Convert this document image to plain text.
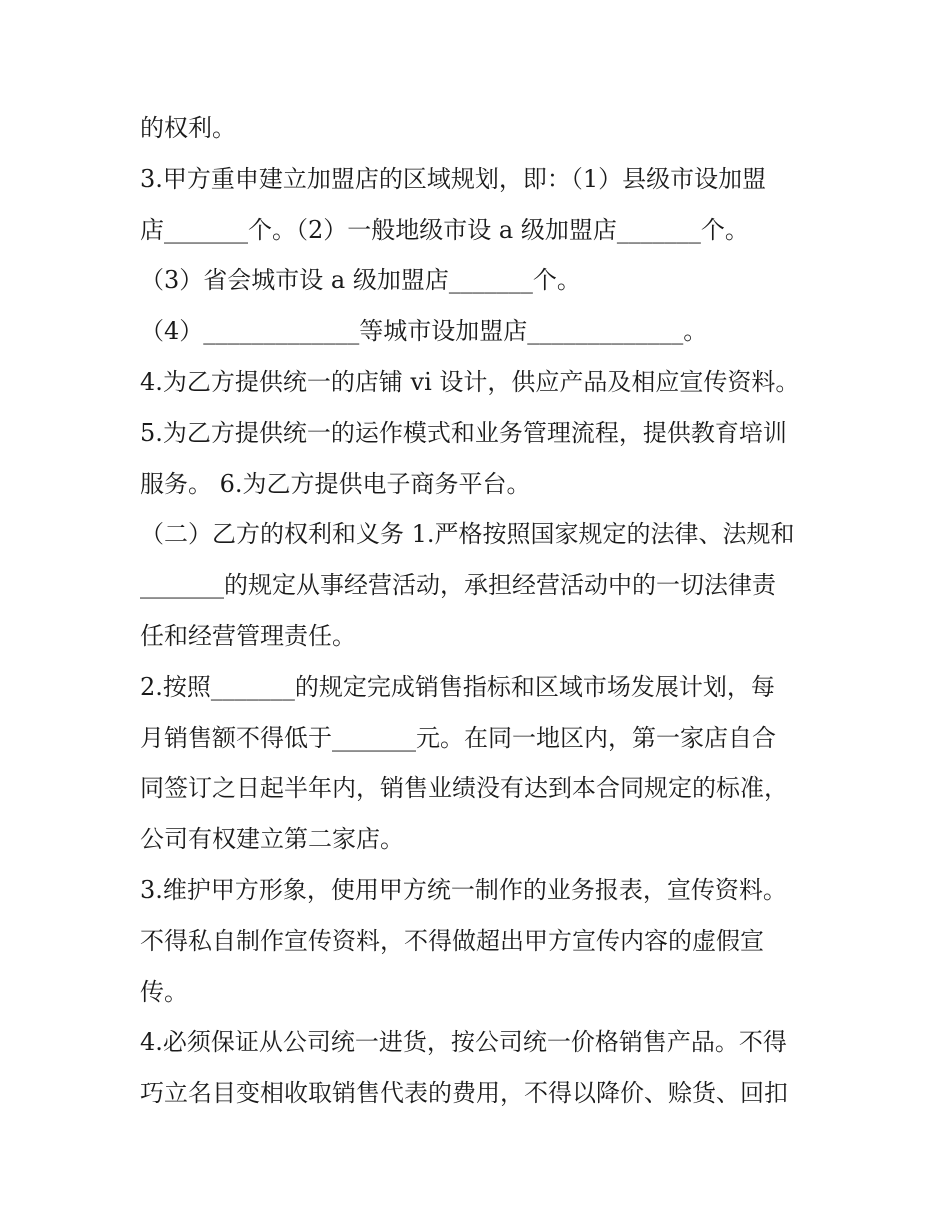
的权利。
3.甲方重申建立加盟店的区域规划，即：（1）县级市设加盟
店_______个。（2）一般地级市设 a 级加盟店_______个。
（3）省会城市设 a 级加盟店_______个。
（4）_____________等城市设加盟店_____________。
4.为乙方提供统一的店铺 vi 设计，供应产品及相应宣传资料。
5.为乙方提供统一的运作模式和业务管理流程，提供教育培训
服务。 6.为乙方提供电子商务平台。
（二）乙方的权利和义务 1.严格按照国家规定的法律、法规和
_______的规定从事经营活动，承担经营活动中的一切法律责
任和经营管理责任。
2.按照_______的规定完成销售指标和区域市场发展计划，每
月销售额不得低于_______元。在同一地区内，第一家店自合
同签订之日起半年内，销售业绩没有达到本合同规定的标准，
公司有权建立第二家店。
3.维护甲方形象，使用甲方统一制作的业务报表，宣传资料。
不得私自制作宣传资料，不得做超出甲方宣传内容的虚假宣
传。
4.必须保证从公司统一进货，按公司统一价格销售产品。不得
巧立名目变相收取销售代表的费用，不得以降价、赊货、回扣
